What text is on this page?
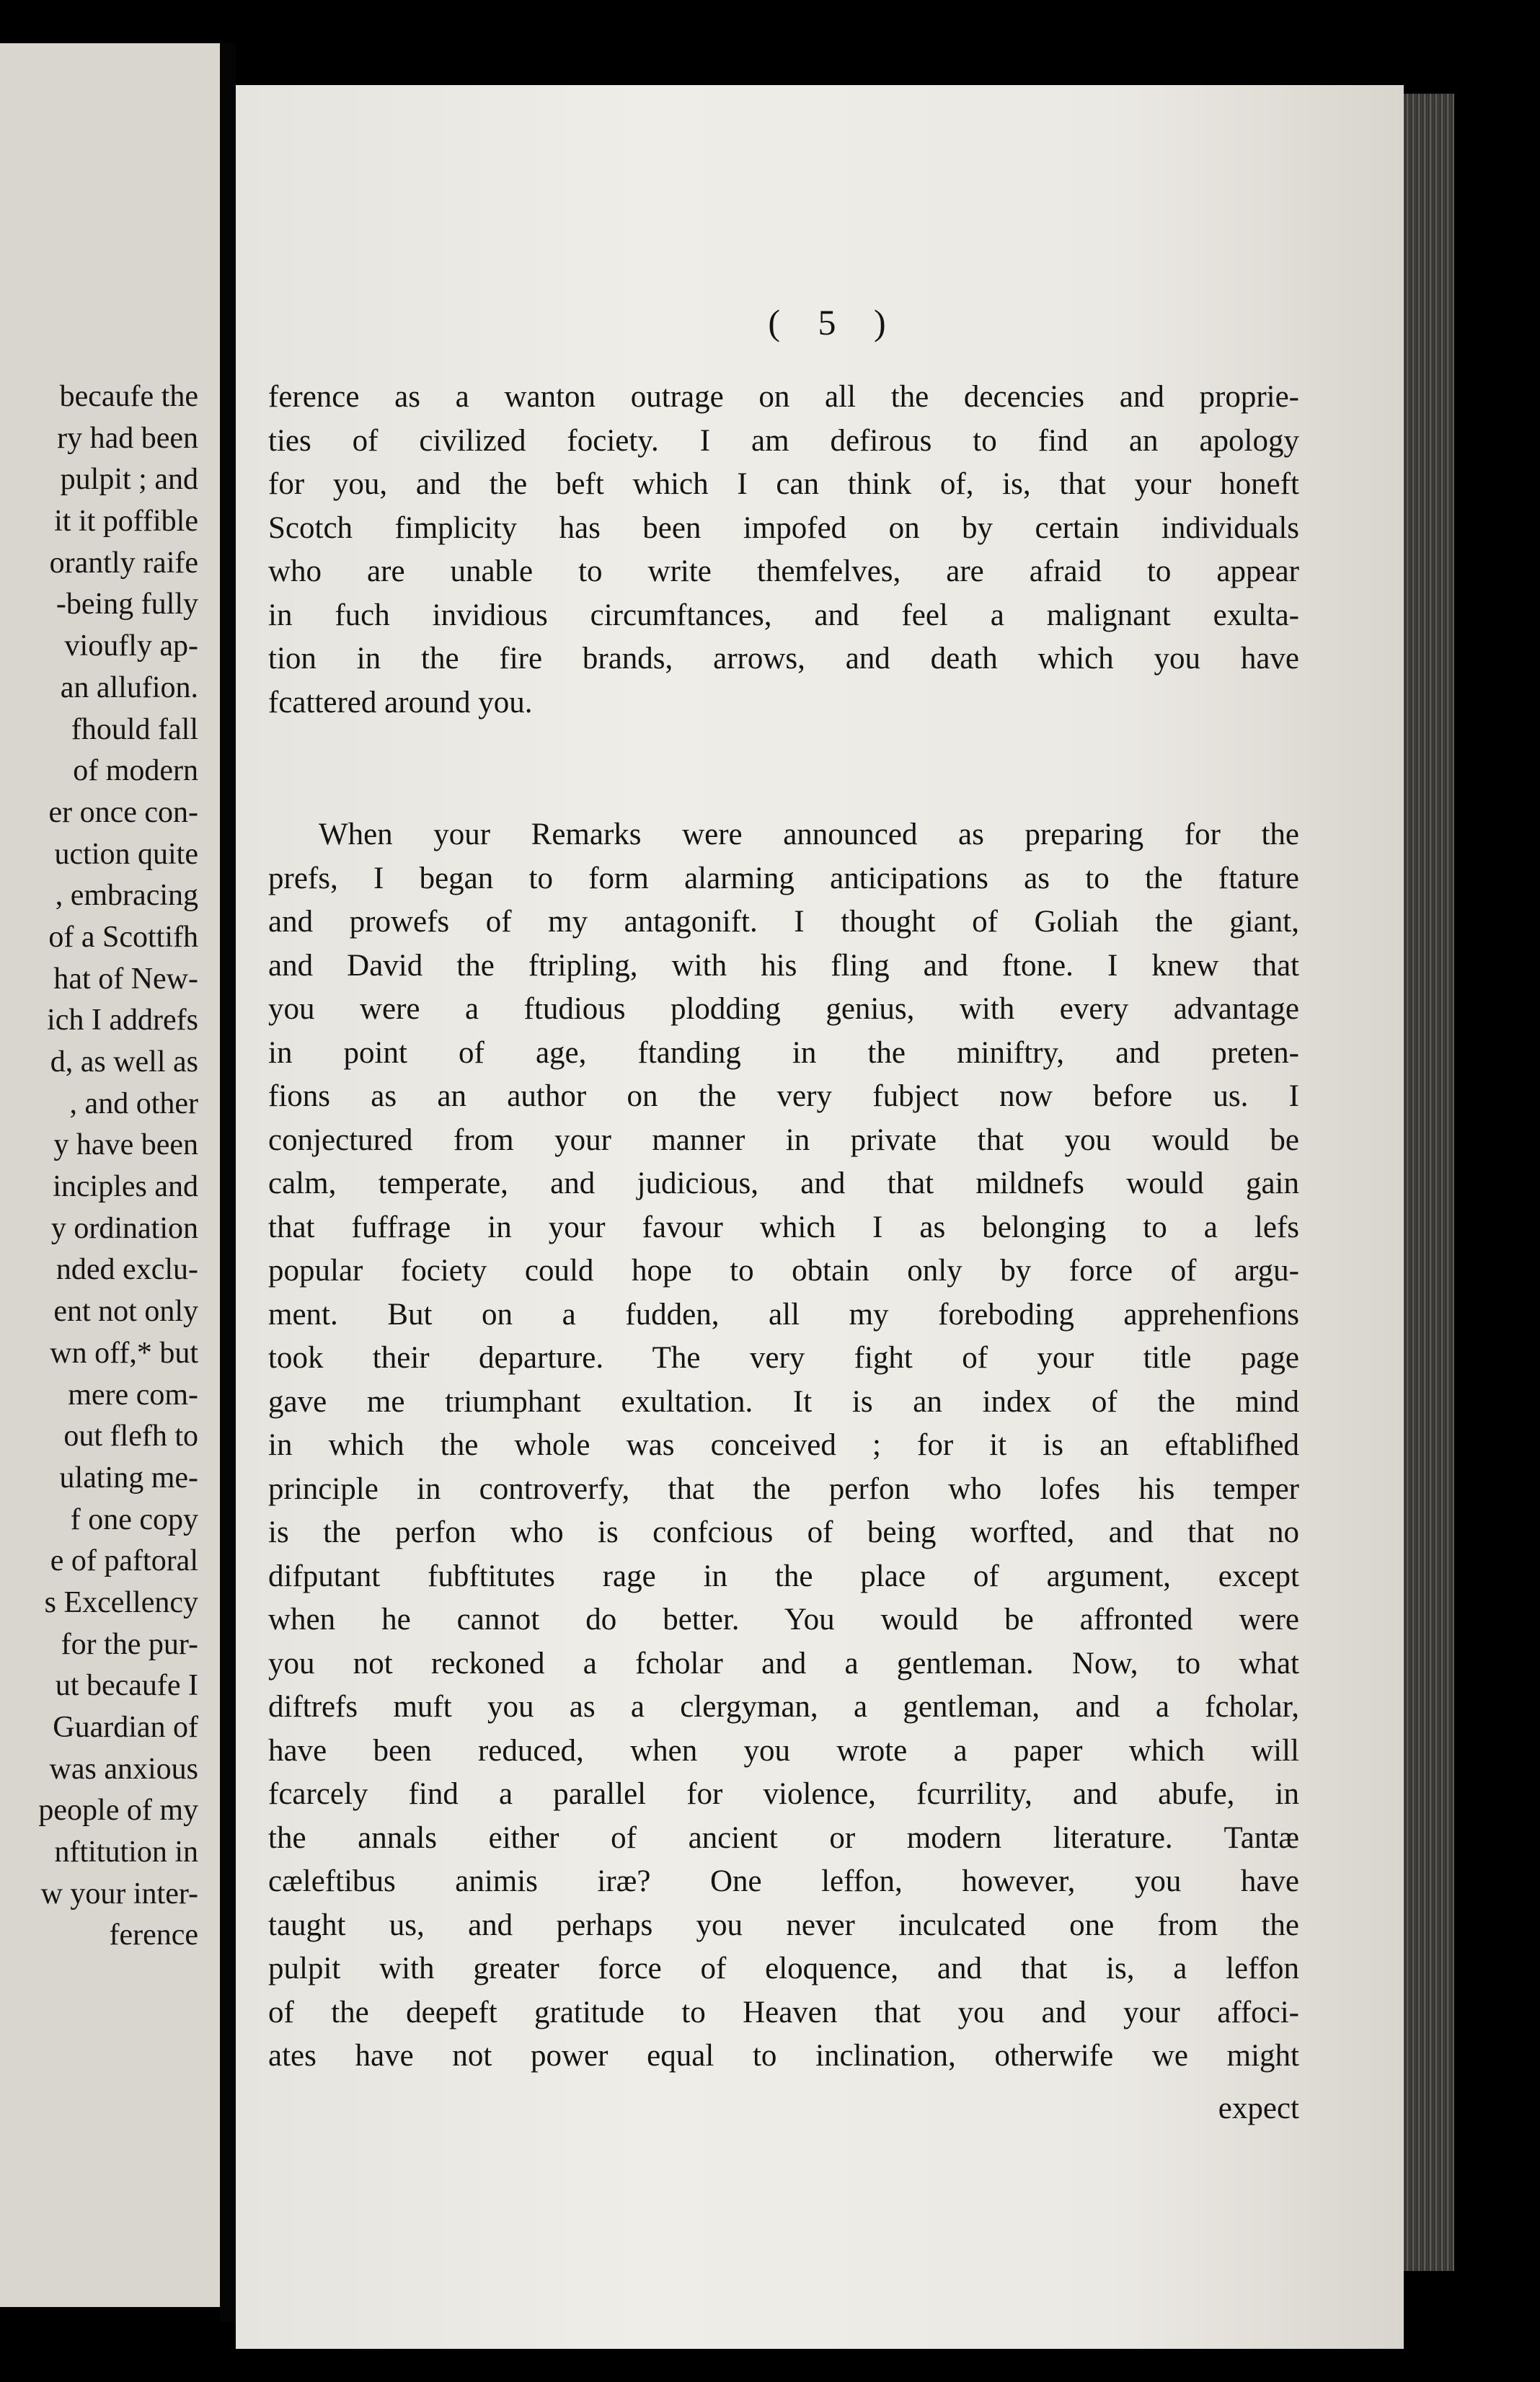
becaufe the
ry had been
pulpit ; and
it it poffible
orantly raife
-being fully
vioufly ap-
an allufion.
fhould fall
of modern
er once con-
uction quite
, embracing
of a Scottifh
hat of New-
ich I addrefs
d, as well as
, and other
y have been
inciples and
y ordination
nded exclu-
ent not only
wn off,* but
mere com-
out flefh to
ulating me-
f one copy
e of paftoral
s Excellency
for the pur-
ut becaufe I
Guardian of
was anxious
people of my
nftitution in
w your inter-
ference
( 5 )
ference as a wanton outrage on all the decencies and proprie-
ties of civilized fociety. I am defirous to find an apology
for you, and the beft which I can think of, is, that your honeft
Scotch fimplicity has been impofed on by certain individuals
who are unable to write themfelves, are afraid to appear
in fuch invidious circumftances, and feel a malignant exulta-
tion in the fire brands, arrows, and death which you have
fcattered around you.
When your Remarks were announced as preparing for the
prefs, I began to form alarming anticipations as to the ftature
and prowefs of my antagonift. I thought of Goliah the giant,
and David the ftripling, with his fling and ftone. I knew that
you were a ftudious plodding genius, with every advantage
in point of age, ftanding in the miniftry, and preten-
fions as an author on the very fubject now before us. I
conjectured from your manner in private that you would be
calm, temperate, and judicious, and that mildnefs would gain
that fuffrage in your favour which I as belonging to a lefs
popular fociety could hope to obtain only by force of argu-
ment. But on a fudden, all my foreboding apprehenfions
took their departure. The very fight of your title page
gave me triumphant exultation. It is an index of the mind
in which the whole was conceived ; for it is an eftablifhed
principle in controverfy, that the perfon who lofes his temper
is the perfon who is confcious of being worfted, and that no
difputant fubftitutes rage in the place of argument, except
when he cannot do better. You would be affronted were
you not reckoned a fcholar and a gentleman. Now, to what
diftrefs muft you as a clergyman, a gentleman, and a fcholar,
have been reduced, when you wrote a paper which will
fcarcely find a parallel for violence, fcurrility, and abufe, in
the annals either of ancient or modern literature. Tantæ
cæleftibus animis iræ? One leffon, however, you have
taught us, and perhaps you never inculcated one from the
pulpit with greater force of eloquence, and that is, a leffon
of the deepeft gratitude to Heaven that you and your affoci-
ates have not power equal to inclination, otherwife we might
expect
